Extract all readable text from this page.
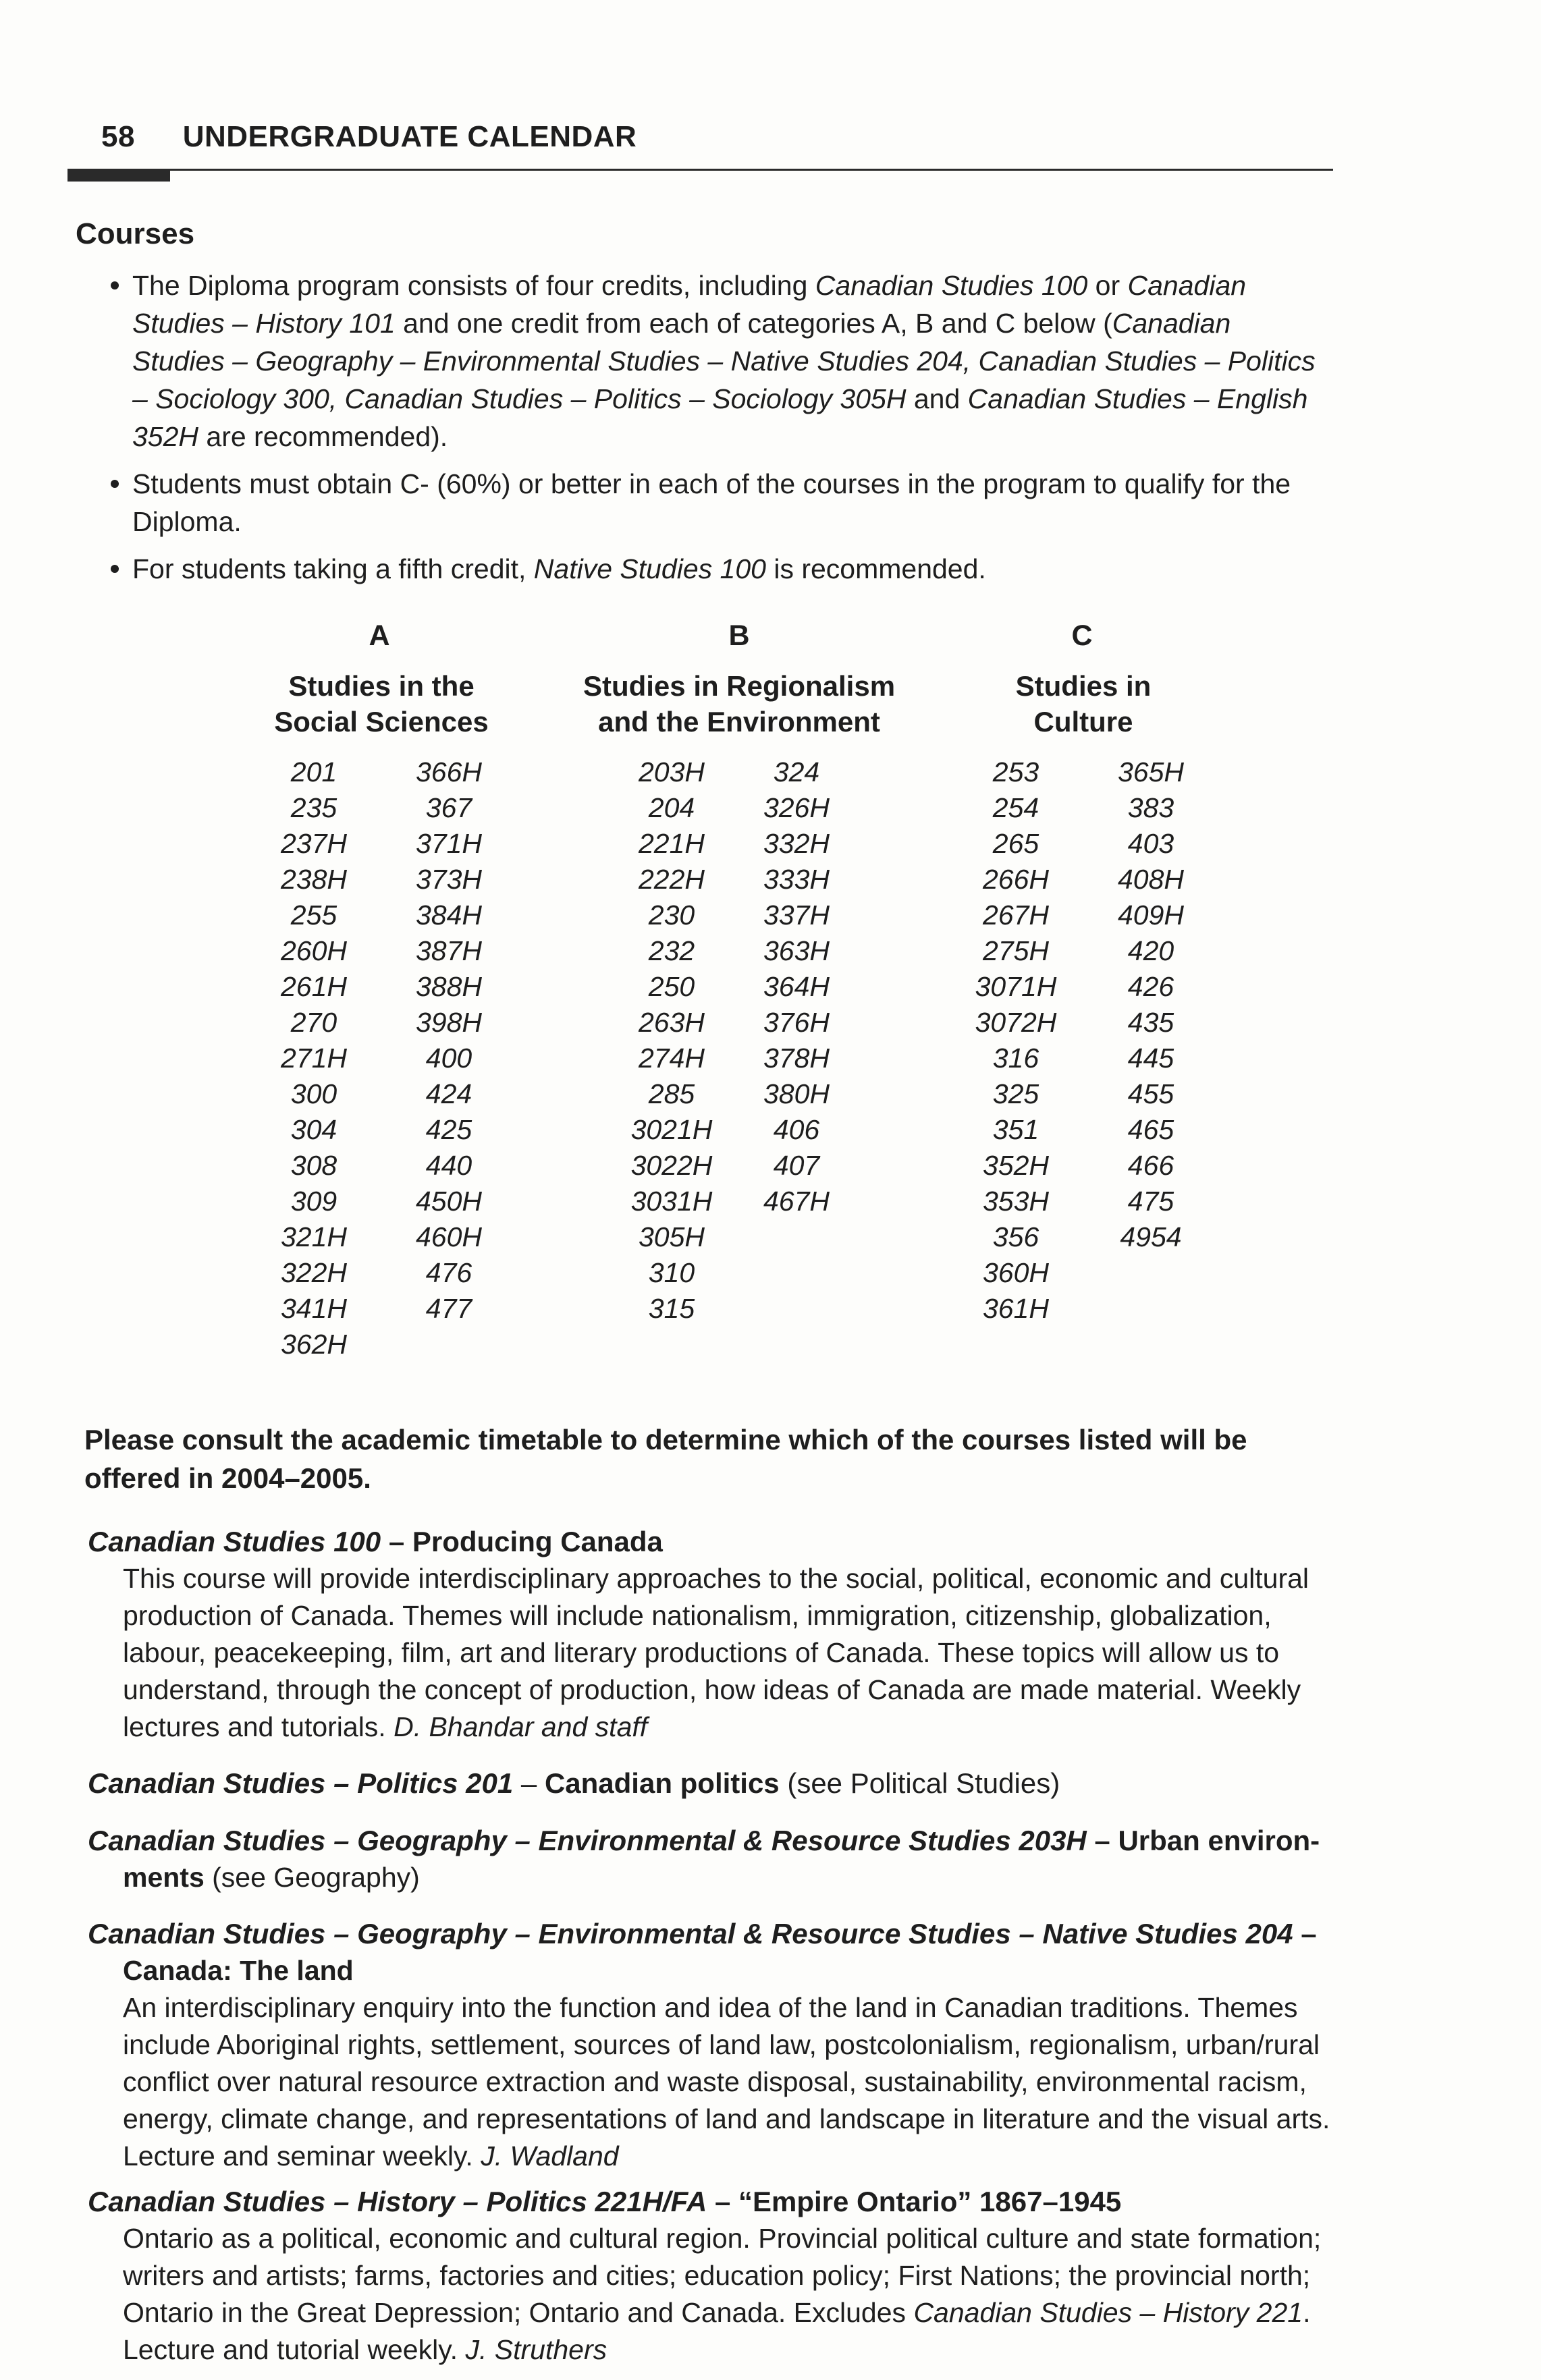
58 UNDERGRADUATE CALENDAR
Courses
The Diploma program consists of four credits, including Canadian Studies 100 or Canadian Studies – History 101 and one credit from each of categories A, B and C below (Canadian Studies – Geography – Environmental Studies – Native Studies 204, Canadian Studies – Politics – Sociology 300, Canadian Studies – Politics – Sociology 305H and Canadian Studies – English 352H are recommended).
Students must obtain C- (60%) or better in each of the courses in the program to qualify for the Diploma.
For students taking a fifth credit, Native Studies 100 is recommended.
A
Studies in the
Social Sciences
201
235
237H
238H
255
260H
261H
270
271H
300
304
308
309
321H
322H
341H
362H
366H
367
371H
373H
384H
387H
388H
398H
400
424
425
440
450H
460H
476
477
B
Studies in Regionalism
and the Environment
203H
204
221H
222H
230
232
250
263H
274H
285
3021H
3022H
3031H
305H
310
315
324
326H
332H
333H
337H
363H
364H
376H
378H
380H
406
407
467H
C
Studies in
Culture
253
254
265
266H
267H
275H
3071H
3072H
316
325
351
352H
353H
356
360H
361H
365H
383
403
408H
409H
420
426
435
445
455
465
466
475
4954
Please consult the academic timetable to determine which of the courses listed will be offered in 2004–2005.
Canadian Studies 100 – Producing Canada
This course will provide interdisciplinary approaches to the social, political, economic and cultural production of Canada. Themes will include nationalism, immigration, citizenship, globalization, labour, peacekeeping, film, art and literary productions of Canada. These topics will allow us to understand, through the concept of production, how ideas of Canada are made material. Weekly lectures and tutorials. D. Bhandar and staff
Canadian Studies – Politics 201 – Canadian politics (see Political Studies)
Canadian Studies – Geography – Environmental & Resource Studies 203H – Urban environ-
ments (see Geography)
Canadian Studies – Geography – Environmental & Resource Studies – Native Studies 204 –
Canada: The land
An interdisciplinary enquiry into the function and idea of the land in Canadian traditions. Themes include Aboriginal rights, settlement, sources of land law, postcolonialism, regionalism, urban/rural conflict over natural resource extraction and waste disposal, sustainability, environmental racism, energy, climate change, and representations of land and landscape in literature and the visual arts. Lecture and seminar weekly. J. Wadland
Canadian Studies – History – Politics 221H/FA – “Empire Ontario” 1867–1945
Ontario as a political, economic and cultural region. Provincial political culture and state formation; writers and artists; farms, factories and cities; education policy; First Nations; the provincial north; Ontario in the Great Depression; Ontario and Canada. Excludes Canadian Studies – History 221. Lecture and tutorial weekly. J. Struthers
